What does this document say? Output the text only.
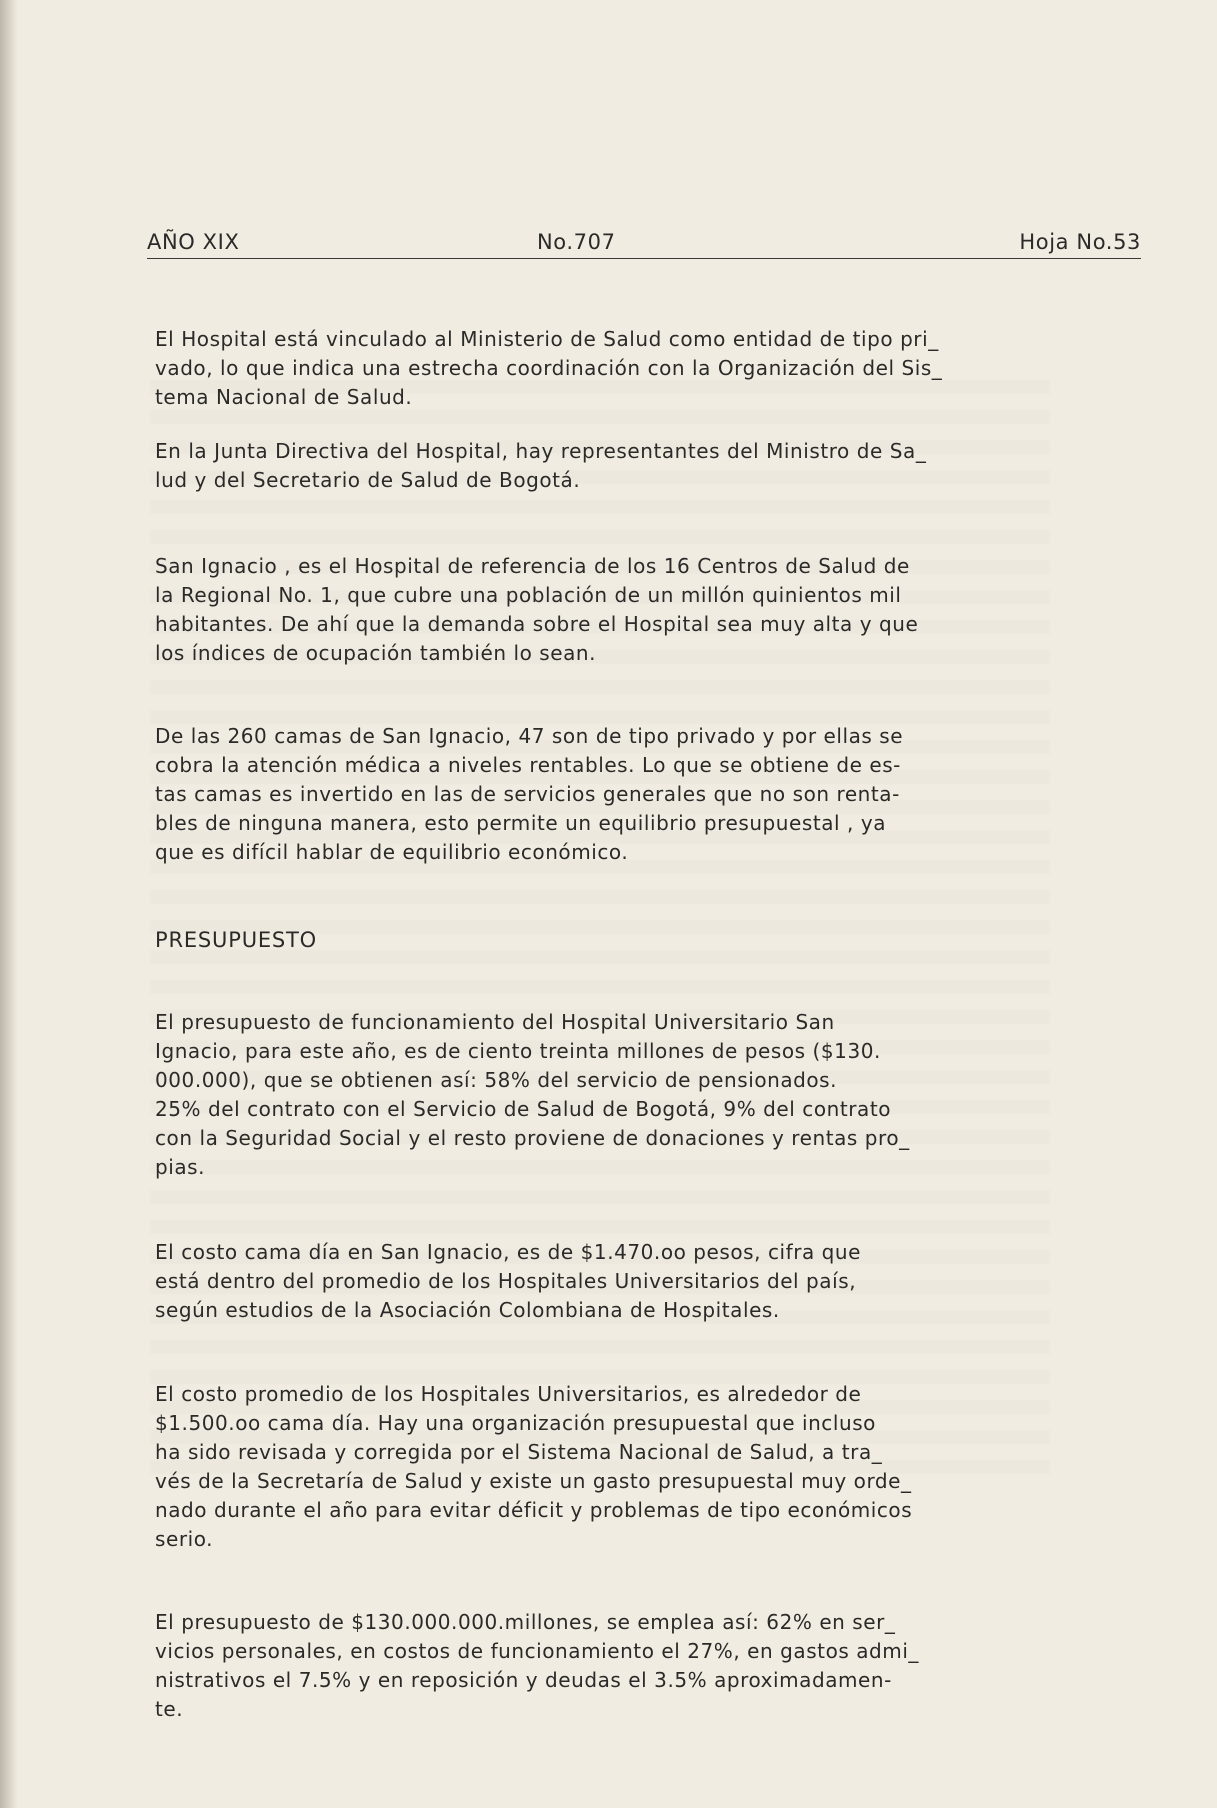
AÑO XIX	No.707	Hoja No.53
El Hospital está vinculado al Ministerio de Salud como entidad de tipo pri_
vado, lo que indica una estrecha coordinación con la Organización del Sis_
tema Nacional de Salud.
En la Junta Directiva del Hospital, hay representantes del Ministro de Sa_
lud y del Secretario de Salud de Bogotá.
San Ignacio , es el Hospital de referencia de los 16 Centros de Salud de
la Regional No. 1, que cubre una población de un millón quinientos mil
habitantes. De ahí que la demanda sobre el Hospital sea muy alta y que
los índices de ocupación también lo sean.
De las 260 camas de San Ignacio, 47 son de tipo privado y por ellas se
cobra la atención médica a niveles rentables. Lo que se obtiene de es-
tas camas es invertido en las de servicios generales que no son renta-
bles de ninguna manera, esto permite un equilibrio presupuestal , ya
que es difícil hablar de equilibrio económico.
PRESUPUESTO
El presupuesto de funcionamiento del Hospital Universitario San
Ignacio, para este año, es de ciento treinta millones de pesos ($130.
000.000), que se obtienen así: 58% del servicio de pensionados.
25% del contrato con el Servicio de Salud de Bogotá, 9% del contrato
con la Seguridad Social y el resto proviene de donaciones y rentas pro_
pias.
El costo cama día en San Ignacio, es de $1.470.oo pesos, cifra que
está dentro del promedio de los Hospitales Universitarios del país,
según estudios de la Asociación Colombiana de Hospitales.
El costo promedio de los Hospitales Universitarios, es alrededor de
$1.500.oo cama día. Hay una organización presupuestal que incluso
ha sido revisada y corregida por el Sistema Nacional de Salud, a tra_
vés de la Secretaría de Salud y existe un gasto presupuestal muy orde_
nado durante el año para evitar déficit y problemas de tipo económicos
serio.
El presupuesto de $130.000.000.millones, se emplea así: 62% en ser_
vicios personales, en costos de funcionamiento el 27%, en gastos admi_
nistrativos el 7.5% y en reposición y deudas el 3.5% aproximadamen-
te.
